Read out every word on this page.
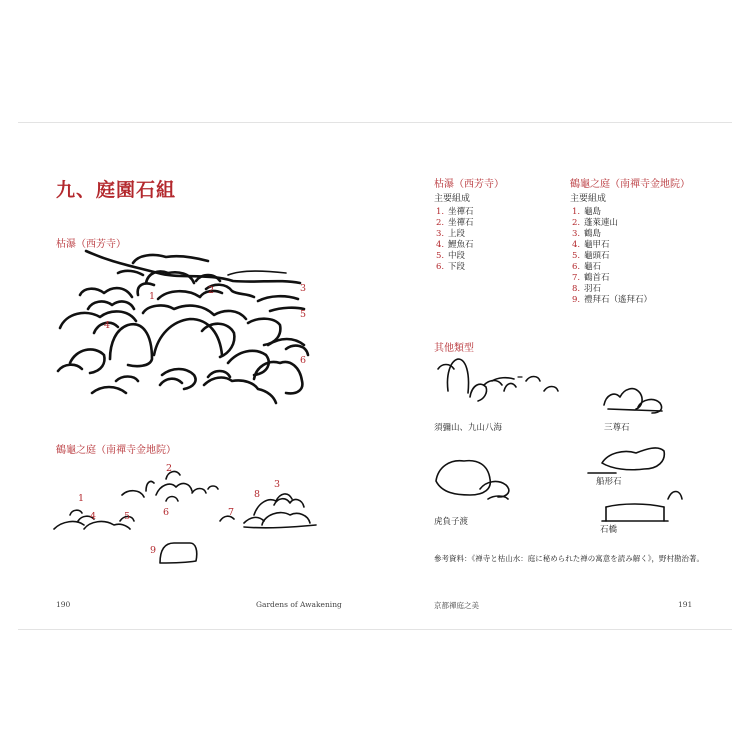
九、庭園石組
枯瀑（西芳寺）
1
2	3
4
5
6
鶴龜之庭（南禪寺金地院）
1
2
3
4	5	6	7
8
9
190	Gardens of Awakening
枯瀑（西芳寺）
主要組成
1. 坐禪石
2. 坐禪石
3. 上段
4. 鯉魚石
5. 中段
6. 下段
鶴龜之庭（南禪寺金地院）
主要組成
1. 龜島
2. 蓬萊連山
3. 鶴島
4. 龜甲石
5. 龜頭石
6. 龜石
7. 鶴首石
8. 羽石
9. 禮拜石（遙拜石）
其他類型
須彌山、九山八海	三尊石
船形石
虎負子渡
石橋
參考資料：《禅寺と枯山水：庭に秘められた禅の寓意を読み解く》，野村勘治著。
京都禪庭之美	191
